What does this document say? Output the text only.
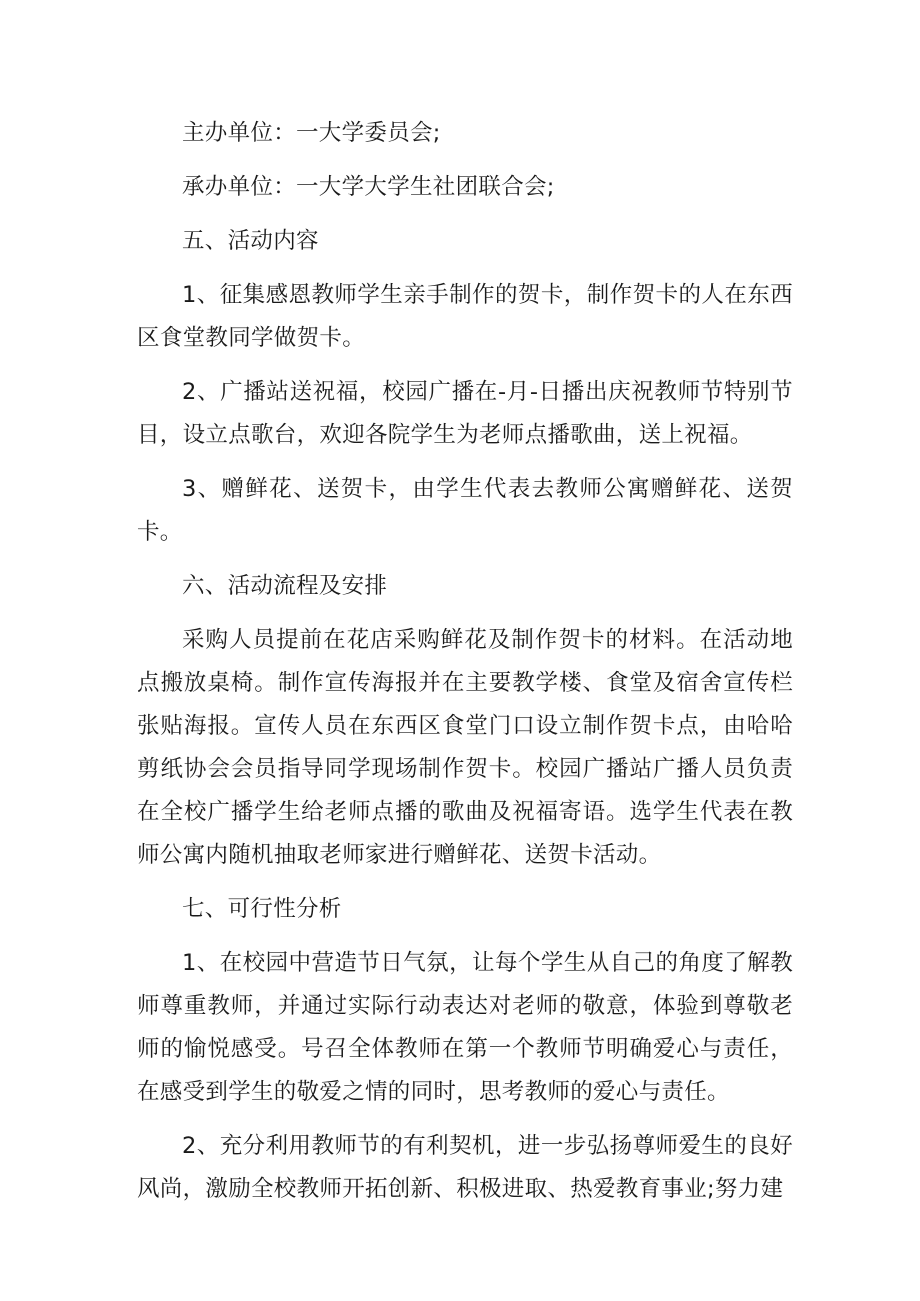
主办单位：一大学委员会;

承办单位：一大学大学生社团联合会;

五、活动内容

1、征集感恩教师学生亲手制作的贺卡，制作贺卡的人在东西区食堂教同学做贺卡。

2、广播站送祝福，校园广播在-月-日播出庆祝教师节特别节目，设立点歌台，欢迎各院学生为老师点播歌曲，送上祝福。

3、赠鲜花、送贺卡，由学生代表去教师公寓赠鲜花、送贺卡。

六、活动流程及安排

采购人员提前在花店采购鲜花及制作贺卡的材料。在活动地点搬放桌椅。制作宣传海报并在主要教学楼、食堂及宿舍宣传栏张贴海报。宣传人员在东西区食堂门口设立制作贺卡点，由哈哈剪纸协会会员指导同学现场制作贺卡。校园广播站广播人员负责在全校广播学生给老师点播的歌曲及祝福寄语。选学生代表在教师公寓内随机抽取老师家进行赠鲜花、送贺卡活动。

七、可行性分析

1、在校园中营造节日气氛，让每个学生从自己的角度了解教师尊重教师，并通过实际行动表达对老师的敬意，体验到尊敬老师的愉悦感受。号召全体教师在第一个教师节明确爱心与责任，在感受到学生的敬爱之情的同时，思考教师的爱心与责任。

2、充分利用教师节的有利契机，进一步弘扬尊师爱生的良好风尚，激励全校教师开拓创新、积极进取、热爱教育事业;努力建
